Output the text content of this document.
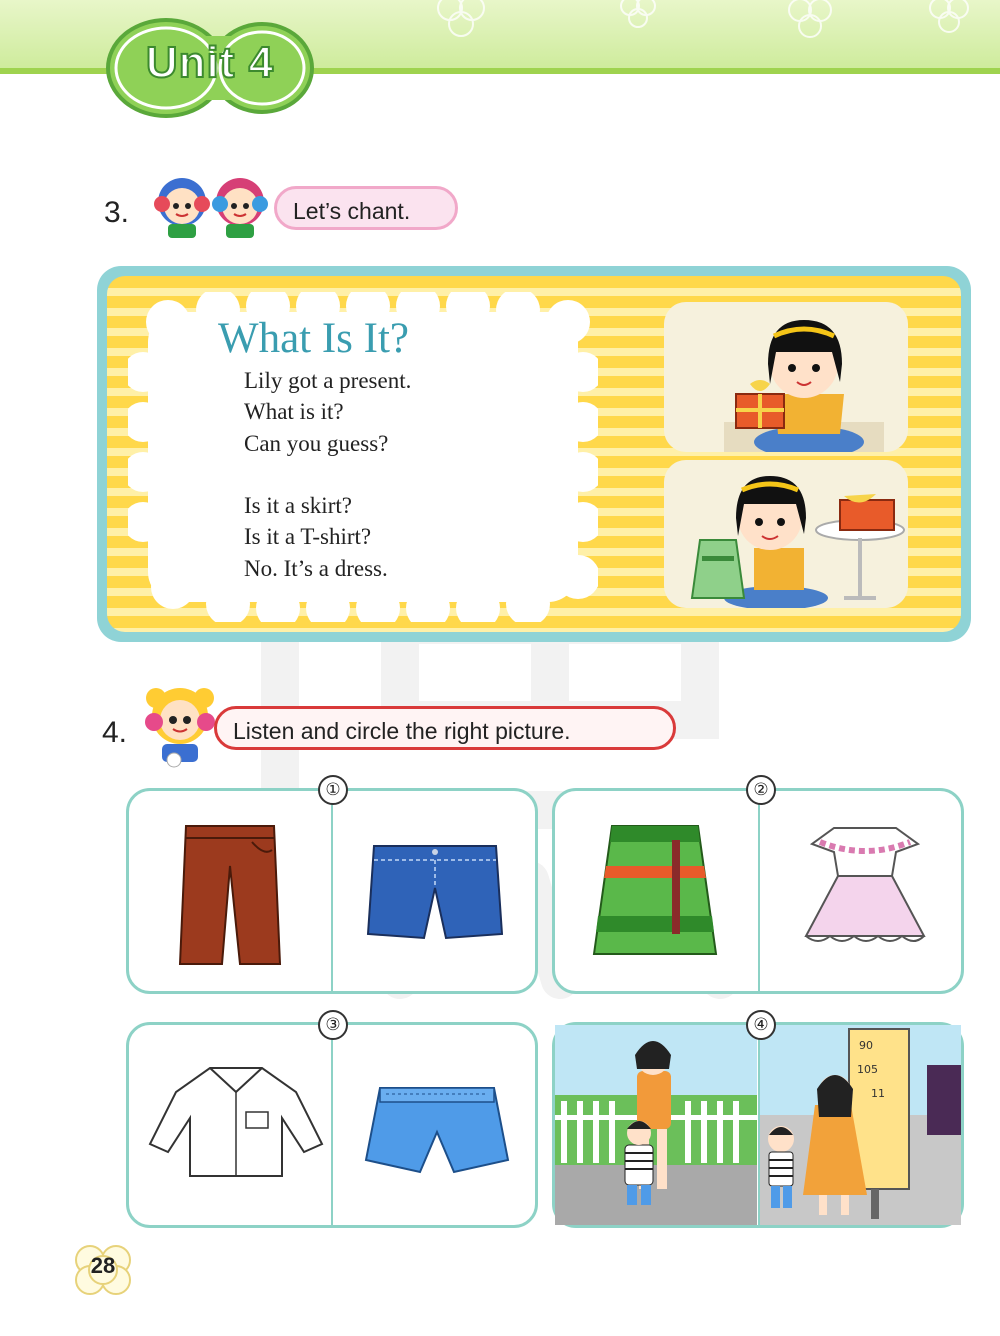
Unit 4
3.	Let’s chant.
What Is It?
Lily got a present.
What is it?
Can you guess?
Is it a skirt?
Is it a T-shirt?
No. It’s a dress.
4.	Listen and circle the right picture.
①	②
③
90
105
11
④
28
